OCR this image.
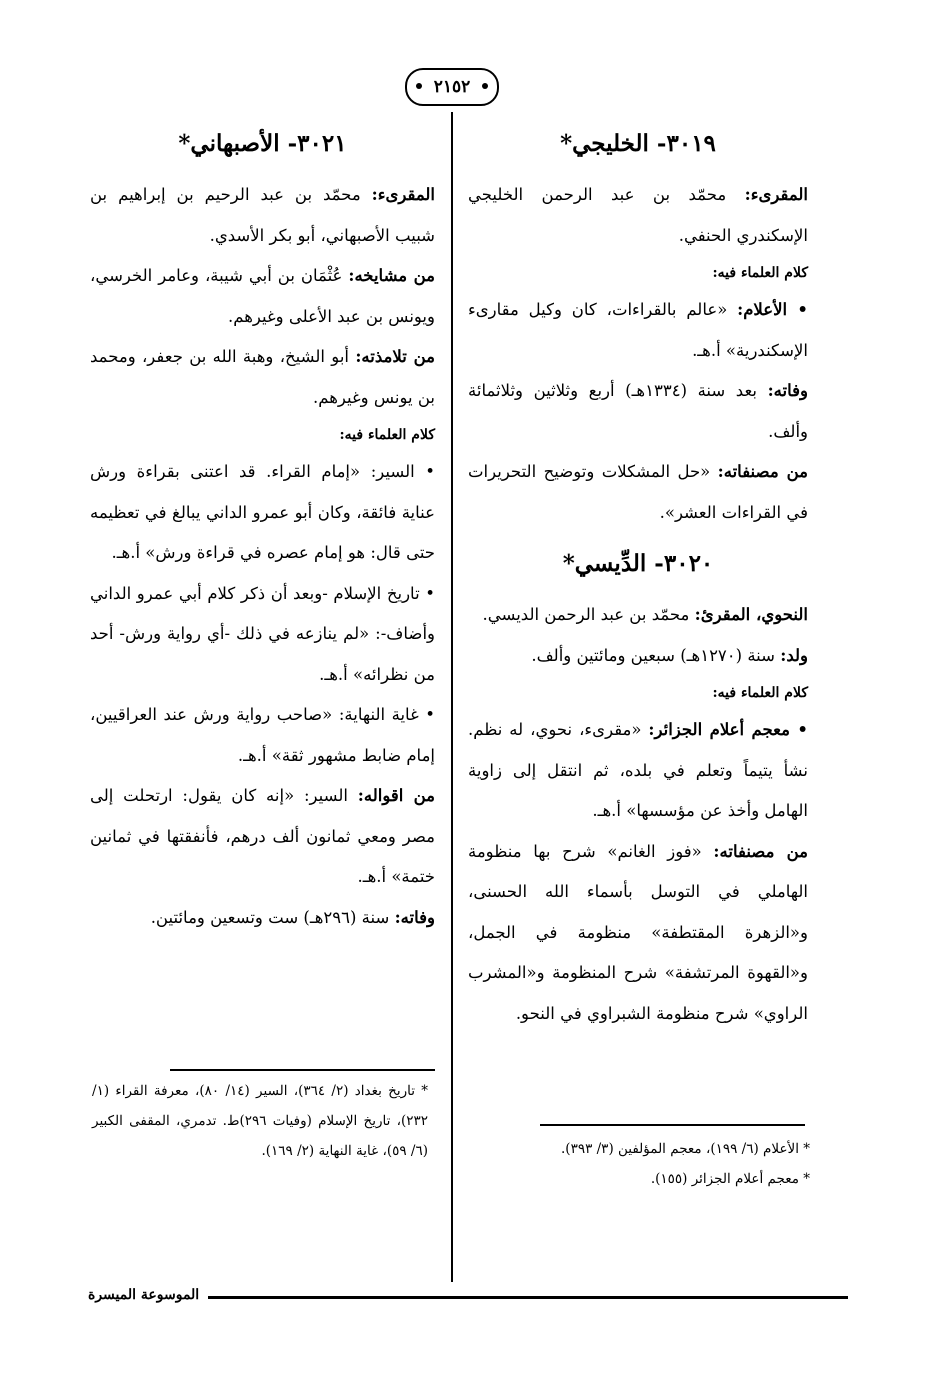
٢١٥٢
٣٠١٩- الخليجي*

المقرىء: محمّد بن عبد الرحمن الخليجي الإسكندري الحنفي.

كلام العلماء فيه:

• الأعلام: «عالم بالقراءات، كان وكيل مقارىء الإسكندرية» أ.هـ.

وفاته: بعد سنة (١٣٣٤هـ) أربع وثلاثين وثلاثمائة وألف.

من مصنفاته: «حل المشكلات وتوضيح التحريرات في القراءات العشر».

٣٠٢٠- الدِّيسي*

النحوي، المقرئ: محمّد بن عبد الرحمن الديسي.

ولد: سنة (١٢٧٠هـ) سبعين ومائتين وألف.

كلام العلماء فيه:

• معجم أعلام الجزائر: «مقرىء، نحوي، له نظم. نشأ يتيماً وتعلم في بلده، ثم انتقل إلى زاوية الهامل وأخذ عن مؤسسها» أ.هـ.

من مصنفاته: «فوز الغانم» شرح بها منظومة الهاملي في التوسل بأسماء الله الحسنى، و«الزهرة المقتطفة» منظومة في الجمل، و«القهوة المرتشفة» شرح المنظومة و«المشرب الراوي» شرح منظومة الشبراوي في النحو.

٣٠٢١- الأصبهاني*

المقرىء: محمّد بن عبد الرحيم بن إبراهيم بن شبيب الأصبهاني، أبو بكر الأسدي.

من مشايخه: عُثْمَان بن أبي شيبة، وعامر الخرسي، ويونس بن عبد الأعلى وغيرهم.

من تلامذته: أبو الشيخ، وهبة الله بن جعفر، ومحمد بن يونس وغيرهم.

كلام العلماء فيه:

• السير: «إمام القراء. قد اعتنى بقراءة ورش عناية فائقة، وكان أبو عمرو الداني يبالغ في تعظيمه حتى قال: هو إمام عصره في قراءة ورش» أ.هـ.

• تاريخ الإسلام -وبعد أن ذكر كلام أبي عمرو الداني وأضاف-: «لم ينازعه في ذلك -أي رواية ورش- أحد من نظرائه» أ.هـ.

• غاية النهاية: «صاحب رواية ورش عند العراقيين، إمام ضابط مشهور ثقة» أ.هـ.

من اقواله: السير: «إنه كان يقول: ارتحلت إلى مصر ومعي ثمانون ألف درهم، فأنفقتها في ثمانين ختمة» أ.هـ.

وفاته: سنة (٢٩٦هـ) ست وتسعين ومائتين.

* تاريخ بغداد (٢/ ٣٦٤)، السير (١٤/ ٨٠)، معرفة القراء (١/ ٢٣٢)، تاريخ الإسلام (وفيات ٢٩٦)ط. تدمري، المقفى الكبير (٦/ ٥٩)، غاية النهاية (٢/ ١٦٩).	* الأعلام (٦/ ١٩٩)، معجم المؤلفين (٣/ ٣٩٣).
* معجم أعلام الجزائر (١٥٥).
الموسوعة الميسرة
